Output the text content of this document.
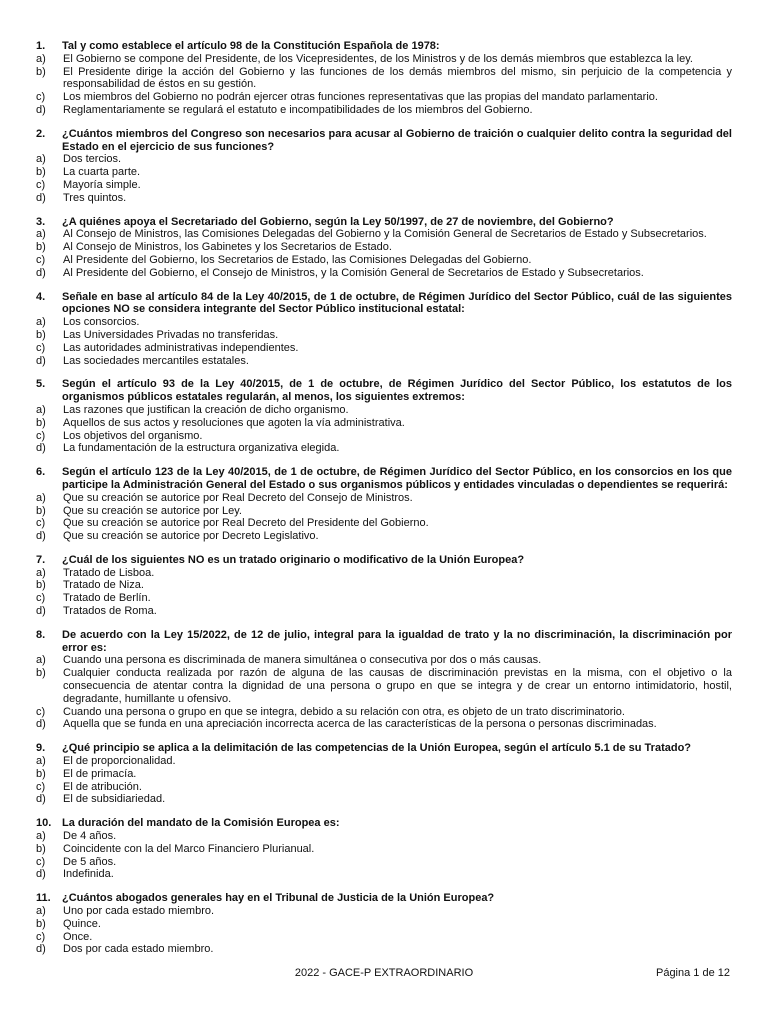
1.	Tal y como establece el artículo 98 de la Constitución Española de 1978:
a)	El Gobierno se compone del Presidente, de los Vicepresidentes, de los Ministros y de los demás miembros que establezca la ley.
b)	El Presidente dirige la acción del Gobierno y las funciones de los demás miembros del mismo, sin perjuicio de la competencia y responsabilidad de éstos en su gestión.
c)	Los miembros del Gobierno no podrán ejercer otras funciones representativas que las propias del mandato parlamentario.
d)	Reglamentariamente se regulará el estatuto e incompatibilidades de los miembros del Gobierno.
2.	¿Cuántos miembros del Congreso son necesarios para acusar al Gobierno de traición o cualquier delito contra la seguridad del Estado en el ejercicio de sus funciones?
a)	Dos tercios.
b)	La cuarta parte.
c)	Mayoría simple.
d)	Tres quintos.
3.	¿A quiénes apoya el Secretariado del Gobierno, según la Ley 50/1997, de 27 de noviembre, del Gobierno?
a)	Al Consejo de Ministros, las Comisiones Delegadas del Gobierno y la Comisión General de Secretarios de Estado y Subsecretarios.
b)	Al Consejo de Ministros, los Gabinetes y los Secretarios de Estado.
c)	Al Presidente del Gobierno, los Secretarios de Estado, las Comisiones Delegadas del Gobierno.
d)	Al Presidente del Gobierno, el Consejo de Ministros, y la Comisión General de Secretarios de Estado y Subsecretarios.
4.	Señale en base al artículo 84 de la Ley 40/2015, de 1 de octubre, de Régimen Jurídico del Sector Público, cuál de las siguientes opciones NO se considera integrante del Sector Público institucional estatal:
a)	Los consorcios.
b)	Las Universidades Privadas no transferidas.
c)	Las autoridades administrativas independientes.
d)	Las sociedades mercantiles estatales.
5.	Según el artículo 93 de la Ley 40/2015, de 1 de octubre, de Régimen Jurídico del Sector Público, los estatutos de los organismos públicos estatales regularán, al menos, los siguientes extremos:
a)	Las razones que justifican la creación de dicho organismo.
b)	Aquellos de sus actos y resoluciones que agoten la vía administrativa.
c)	Los objetivos del organismo.
d)	La fundamentación de la estructura organizativa elegida.
6.	Según el artículo 123 de la Ley 40/2015, de 1 de octubre, de Régimen Jurídico del Sector Público, en los consorcios en los que participe la Administración General del Estado o sus organismos públicos y entidades vinculadas o dependientes se requerirá:
a)	Que su creación se autorice por Real Decreto del Consejo de Ministros.
b)	Que su creación se autorice por Ley.
c)	Que su creación se autorice por Real Decreto del Presidente del Gobierno.
d)	Que su creación se autorice por Decreto Legislativo.
7.	¿Cuál de los siguientes NO es un tratado originario o modificativo de la Unión Europea?
a)	Tratado de Lisboa.
b)	Tratado de Niza.
c)	Tratado de Berlín.
d)	Tratados de Roma.
8.	De acuerdo con la Ley 15/2022, de 12 de julio, integral para la igualdad de trato y la no discriminación, la discriminación por error es:
a)	Cuando una persona es discriminada de manera simultánea o consecutiva por dos o más causas.
b)	Cualquier conducta realizada por razón de alguna de las causas de discriminación previstas en la misma, con el objetivo o la consecuencia de atentar contra la dignidad de una persona o grupo en que se integra y de crear un entorno intimidatorio, hostil, degradante, humillante u ofensivo.
c)	Cuando una persona o grupo en que se integra, debido a su relación con otra, es objeto de un trato discriminatorio.
d)	Aquella que se funda en una apreciación incorrecta acerca de las características de la persona o personas discriminadas.
9.	¿Qué principio se aplica a la delimitación de las competencias de la Unión Europea, según el artículo 5.1 de su Tratado?
a)	El de proporcionalidad.
b)	El de primacía.
c)	El de atribución.
d)	El de subsidiariedad.
10. La duración del mandato de la Comisión Europea es:
a)	De 4 años.
b)	Coincidente con la del Marco Financiero Plurianual.
c)	De 5 años.
d)	Indefinida.
11.	¿Cuántos abogados generales hay en el Tribunal de Justicia de la Unión Europea?
a)	Uno por cada estado miembro.
b)	Quince.
c)	Once.
d)	Dos por cada estado miembro.
2022 - GACE-P EXTRAORDINARIO	Página 1 de 12
